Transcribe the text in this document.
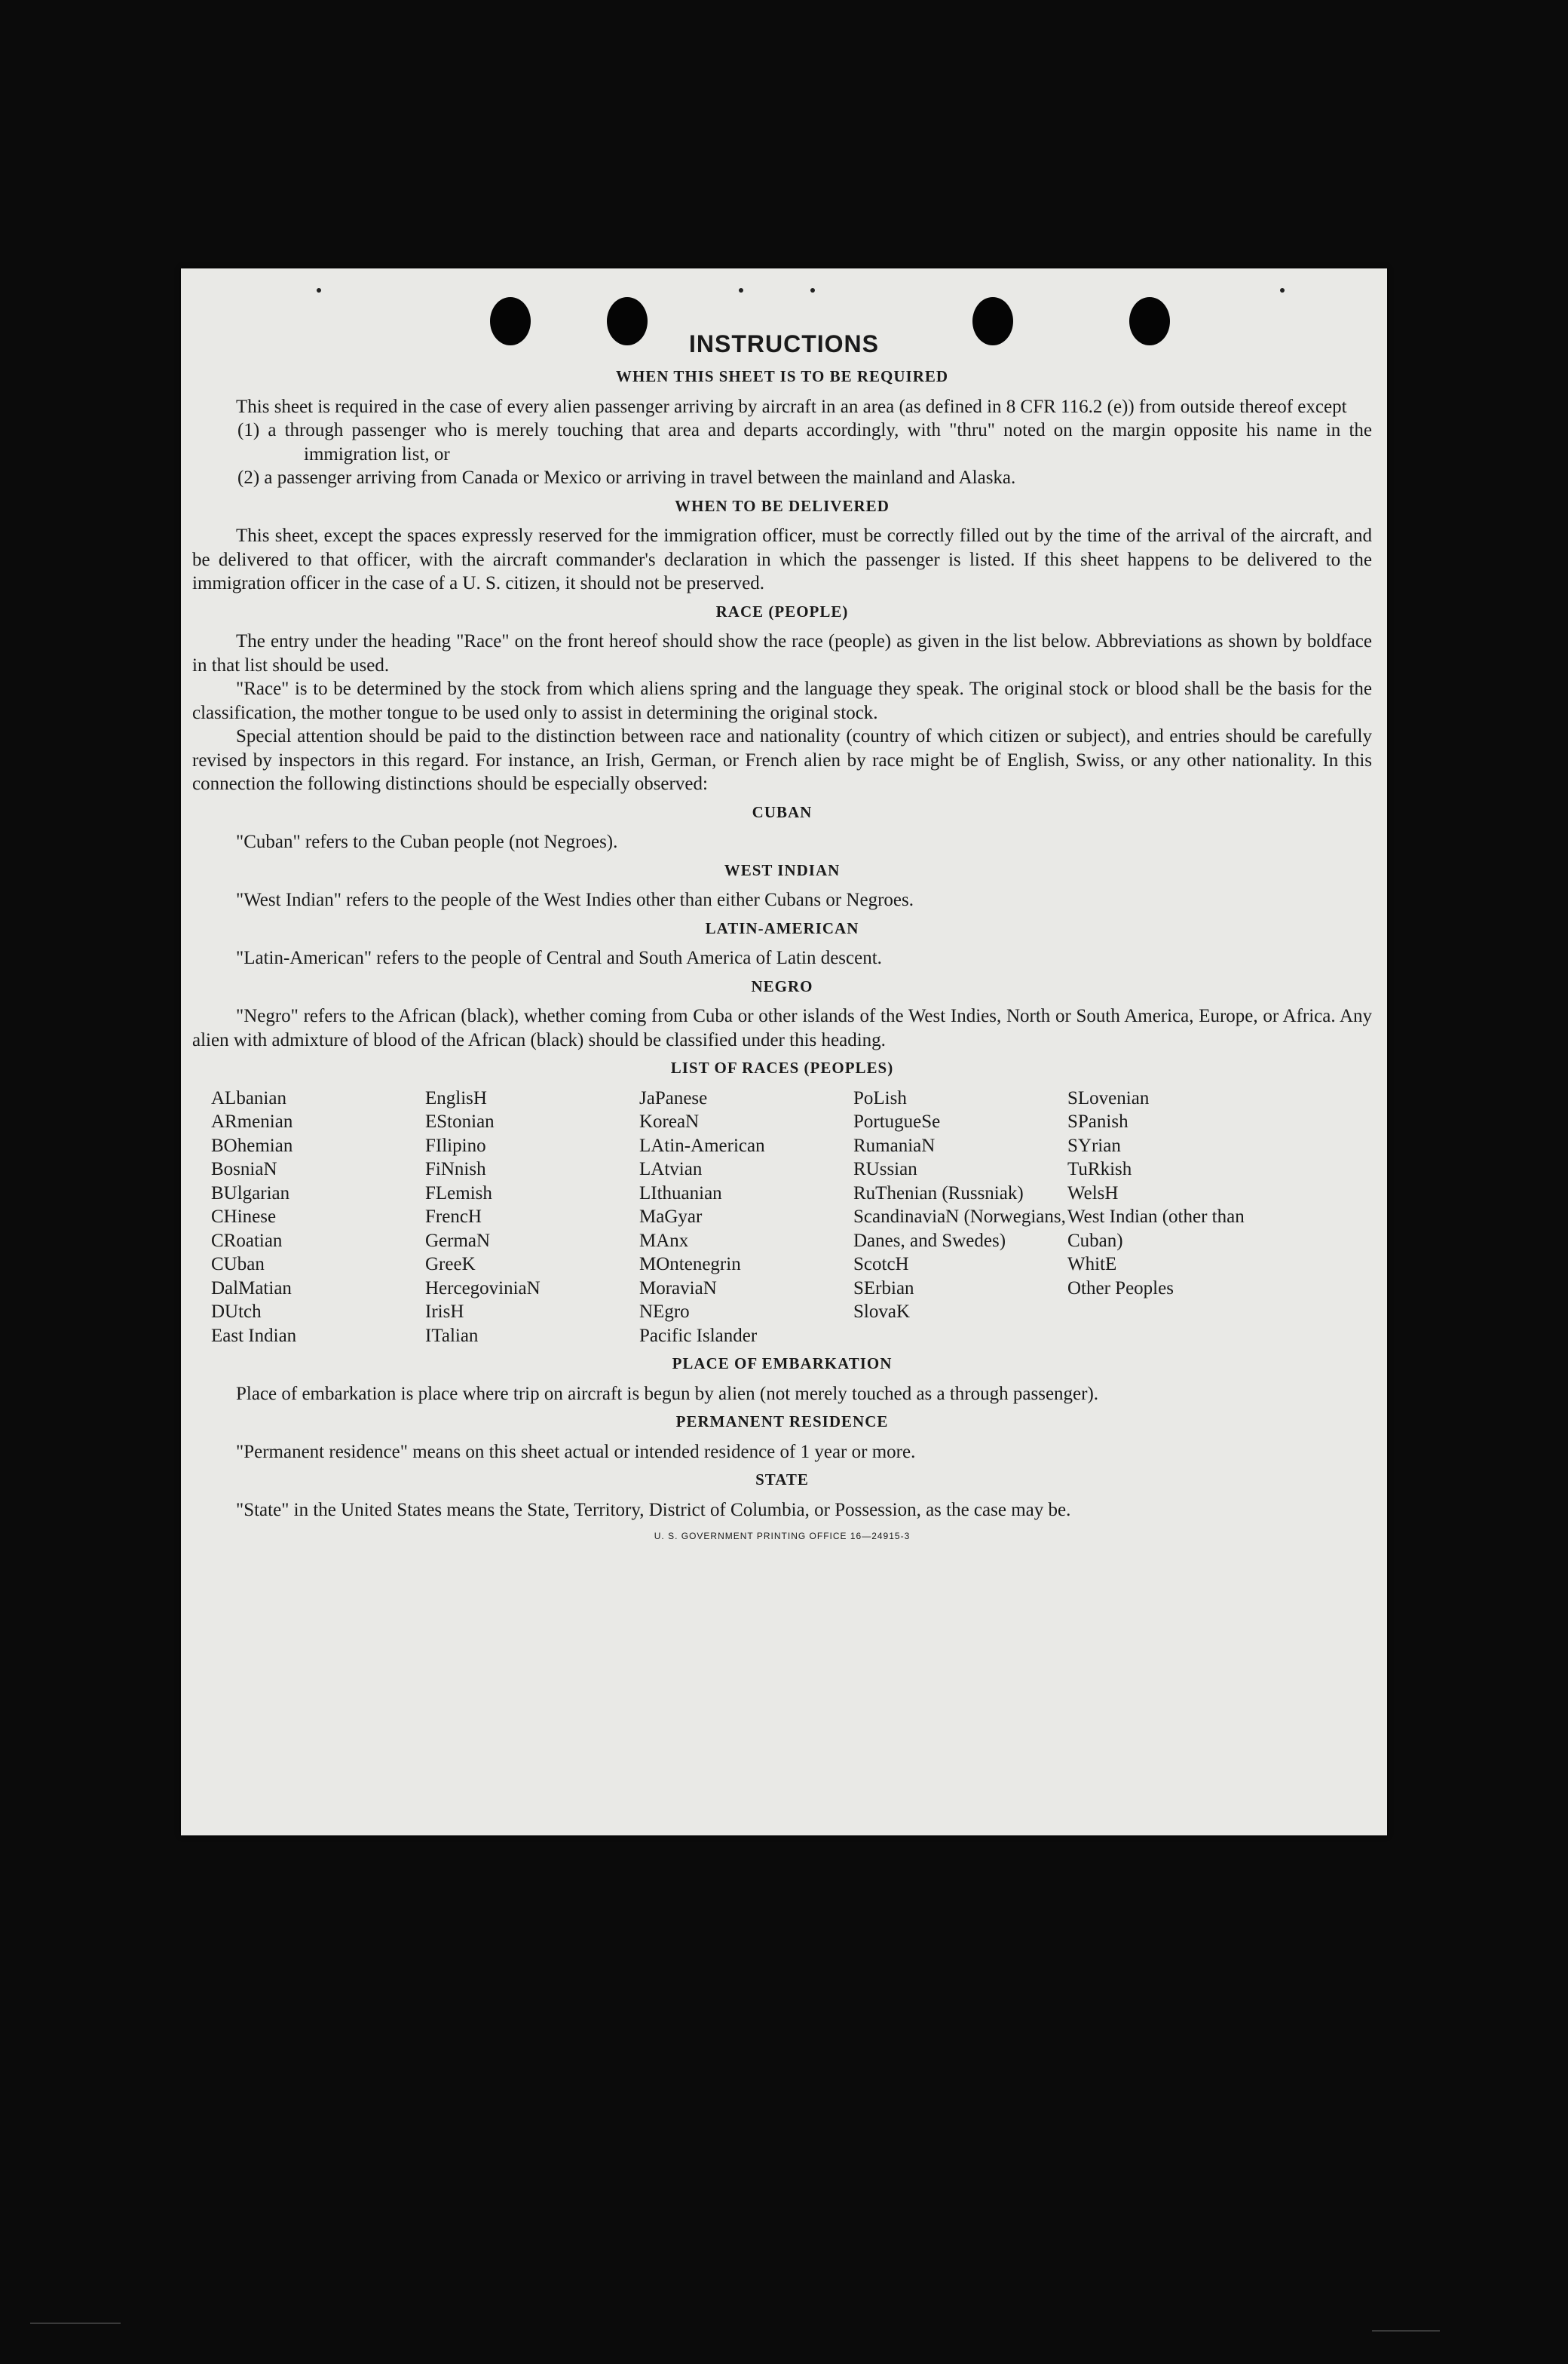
INSTRUCTIONS
WHEN THIS SHEET IS TO BE REQUIRED

This sheet is required in the case of every alien passenger arriving by aircraft in an area (as defined in 8 CFR 116.2 (e)) from outside thereof except

(1) a through passenger who is merely touching that area and departs accordingly, with "thru" noted on the margin opposite his name in the immigration list, or

(2) a passenger arriving from Canada or Mexico or arriving in travel between the mainland and Alaska.

WHEN TO BE DELIVERED

This sheet, except the spaces expressly reserved for the immigration officer, must be correctly filled out by the time of the arrival of the aircraft, and be delivered to that officer, with the aircraft commander's declaration in which the passenger is listed. If this sheet happens to be delivered to the immigration officer in the case of a U. S. citizen, it should not be preserved.

RACE (PEOPLE)

The entry under the heading "Race" on the front hereof should show the race (people) as given in the list below. Abbreviations as shown by boldface in that list should be used.

"Race" is to be determined by the stock from which aliens spring and the language they speak. The original stock or blood shall be the basis for the classification, the mother tongue to be used only to assist in determining the original stock.

Special attention should be paid to the distinction between race and nationality (country of which citizen or subject), and entries should be carefully revised by inspectors in this regard. For instance, an Irish, German, or French alien by race might be of English, Swiss, or any other nationality. In this connection the following distinctions should be especially observed:

CUBAN

"Cuban" refers to the Cuban people (not Negroes).

WEST INDIAN

"West Indian" refers to the people of the West Indies other than either Cubans or Negroes.

LATIN-AMERICAN

"Latin-American" refers to the people of Central and South America of Latin descent.

NEGRO

"Negro" refers to the African (black), whether coming from Cuba or other islands of the West Indies, North or South America, Europe, or Africa. Any alien with admixture of blood of the African (black) should be classified under this heading.

LIST OF RACES (PEOPLES)
ALbanian
ARmenian
BOhemian
BosniaN
BUlgarian
CHinese
CRoatian
CUban
DalMatian
DUtch
East Indian
EnglisH
EStonian
FIlipino
FiNnish
FLemish
FrencH
GermaN
GreeK
HercegoviniaN
IrisH
ITalian
JaPanese
KoreaN
LAtin-American
LAtvian
LIthuanian
MaGyar
MAnx
MOntenegrin
MoraviaN
NEgro
Pacific Islander
PoLish
PortugueSe
RumaniaN
RUssian
RuThenian (Russniak)
ScandinaviaN (Norwegians, Danes, and Swedes)
ScotcH
SErbian
SlovaK
SLovenian
SPanish
SYrian
TuRkish
WelsH
West Indian (other than Cuban)
WhitE
Other Peoples
PLACE OF EMBARKATION

Place of embarkation is place where trip on aircraft is begun by alien (not merely touched as a through passenger).

PERMANENT RESIDENCE

"Permanent residence" means on this sheet actual or intended residence of 1 year or more.

STATE

"State" in the United States means the State, Territory, District of Columbia, or Possession, as the case may be.

U. S. GOVERNMENT PRINTING OFFICE 16—24915-3
